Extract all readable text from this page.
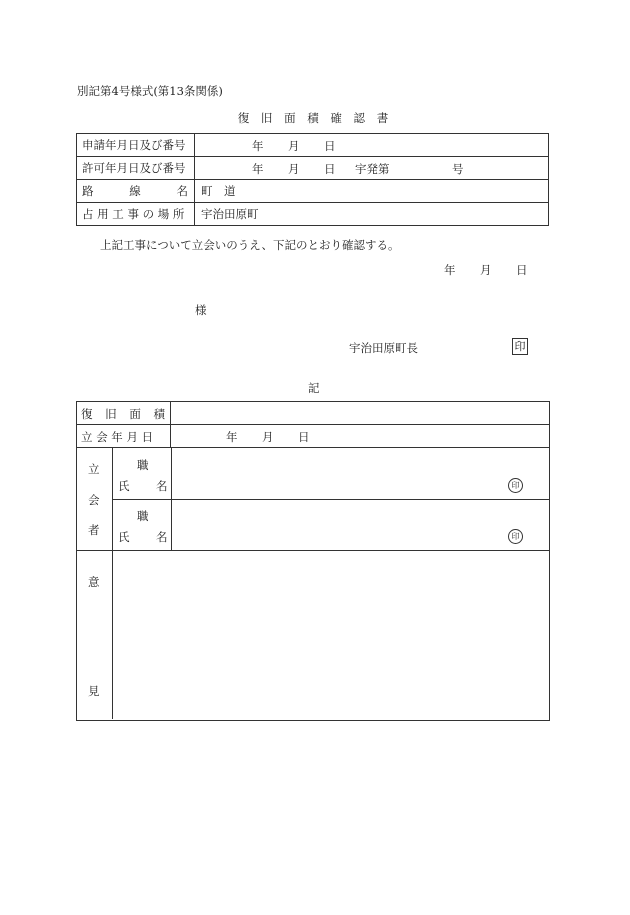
別記第4号様式(第13条関係)
復 旧 面 積 確 認 書
申請年月日及び番号	年 月 日

許可年月日及び番号	年 月 日 宇発第 号

路 線 名	町　道
占 用 工 事 の 場 所	宇治田原町
上記工事について立会いのうえ、下記のとおり確認する。
年 月 日
様
宇治田原町長	印
記
復 旧 面 積
立 会 年 月 日	年 月 日
立
会
者
職
氏 名	印
職
氏 名	印
意
見
